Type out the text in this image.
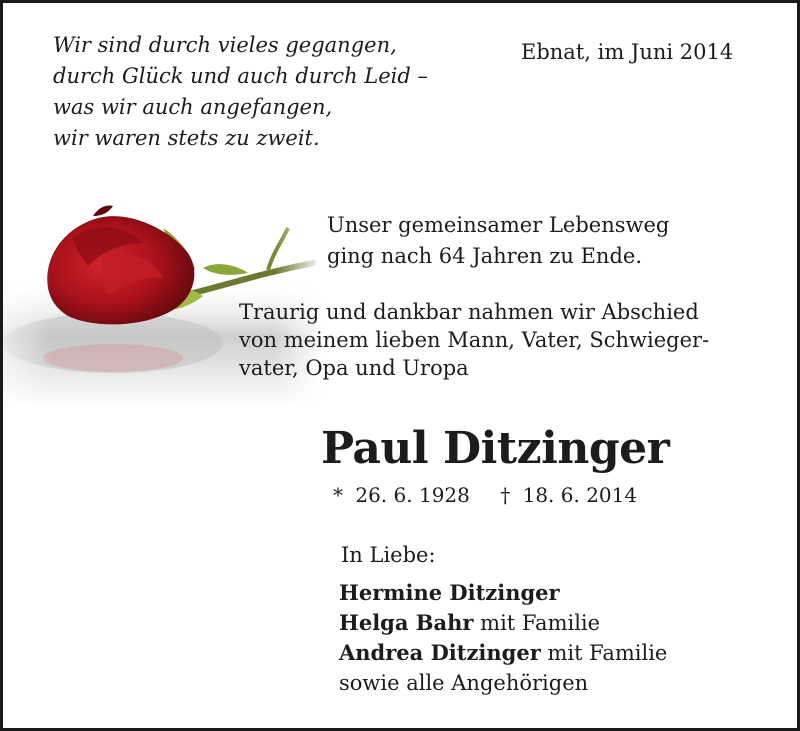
Wir sind durch vieles gegangen,
durch Glück und auch durch Leid –
was wir auch angefangen,
wir waren stets zu zweit.
Ebnat, im Juni 2014
Unser gemeinsamer Lebensweg
ging nach 64 Jahren zu Ende.
Traurig und dankbar nahmen wir Abschied
von meinem lieben Mann, Vater, Schwieger-
vater, Opa und Uropa
Paul Ditzinger
* 26. 6. 1928 † 18. 6. 2014
In Liebe:
Hermine Ditzinger
Helga Bahr mit Familie
Andrea Ditzinger mit Familie
sowie alle Angehörigen
